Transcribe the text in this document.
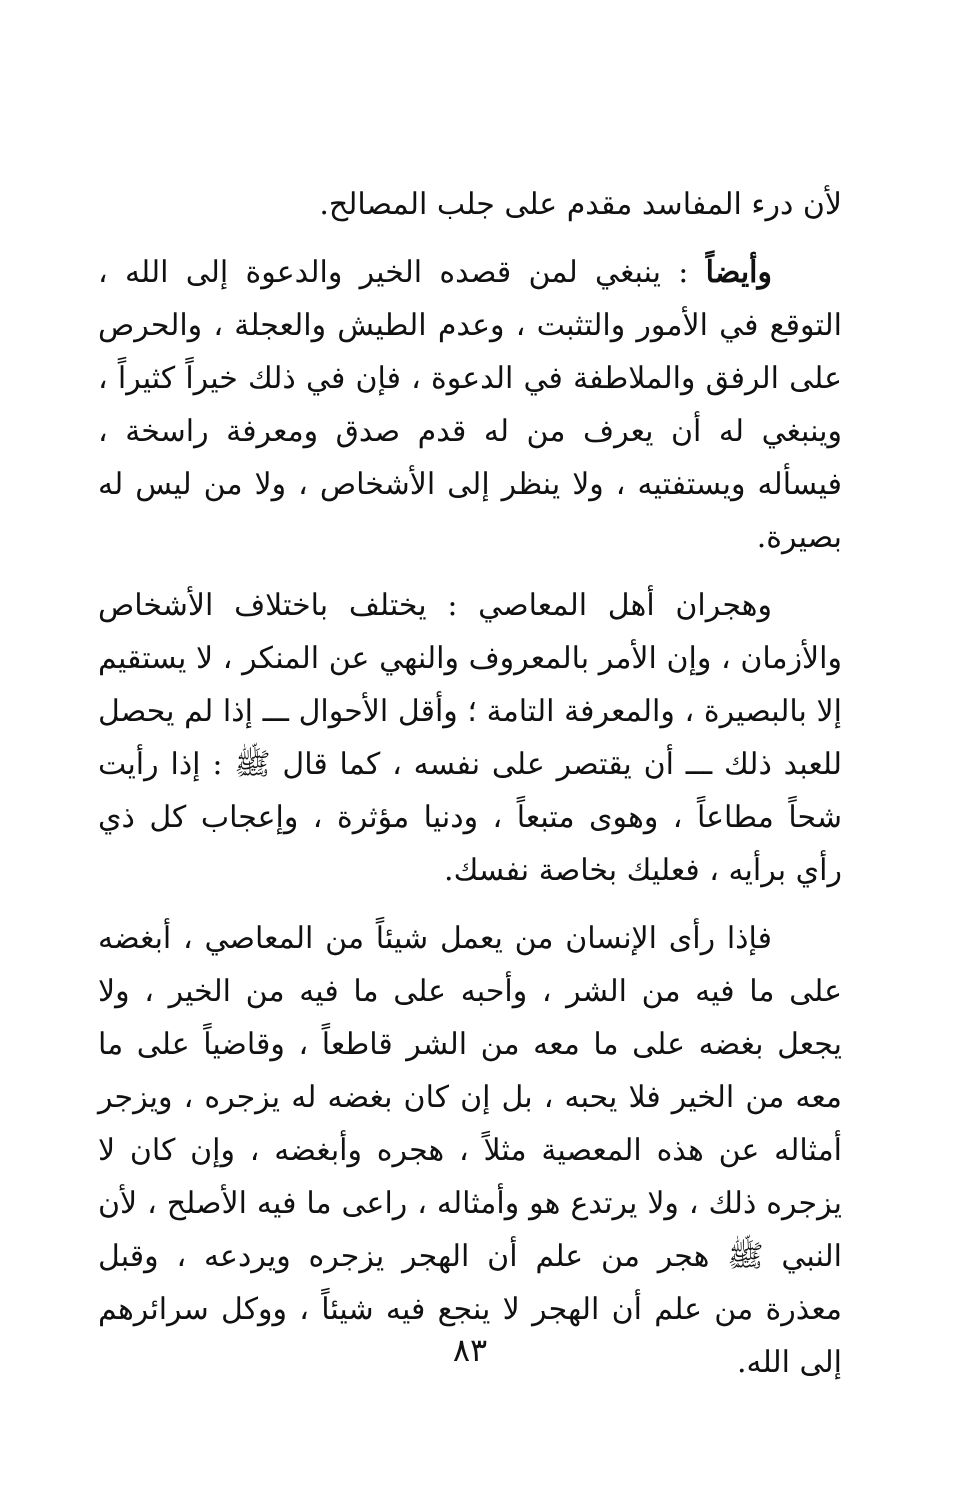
لأن درء المفاسد مقدم على جلب المصالح.

وأيضاً : ينبغي لمن قصده الخير والدعوة إلى الله ، التوقع في الأمور والتثبت ، وعدم الطيش والعجلة ، والحرص على الرفق والملاطفة في الدعوة ، فإن في ذلك خيراً كثيراً ، وينبغي له أن يعرف من له قدم صدق ومعرفة راسخة ، فيسأله ويستفتيه ، ولا ينظر إلى الأشخاص ، ولا من ليس له بصيرة.

وهجران أهل المعاصي : يختلف باختلاف الأشخاص والأزمان ، وإن الأمر بالمعروف والنهي عن المنكر ، لا يستقيم إلا بالبصيرة ، والمعرفة التامة ؛ وأقل الأحوال ـــ إذا لم يحصل للعبد ذلك ـــ أن يقتصر على نفسه ، كما قال ﷺ : إذا رأيت شحاً مطاعاً ، وهوى متبعاً ، ودنيا مؤثرة ، وإعجاب كل ذي رأي برأيه ، فعليك بخاصة نفسك.

فإذا رأى الإنسان من يعمل شيئاً من المعاصي ، أبغضه على ما فيه من الشر ، وأحبه على ما فيه من الخير ، ولا يجعل بغضه على ما معه من الشر قاطعاً ، وقاضياً على ما معه من الخير فلا يحبه ، بل إن كان بغضه له يزجره ، ويزجر أمثاله عن هذه المعصية مثلاً ، هجره وأبغضه ، وإن كان لا يزجره ذلك ، ولا يرتدع هو وأمثاله ، راعى ما فيه الأصلح ، لأن النبي ﷺ هجر من علم أن الهجر يزجره ويردعه ، وقبل معذرة من علم أن الهجر لا ينجع فيه شيئاً ، ووكل سرائرهم إلى الله.

٨٣
